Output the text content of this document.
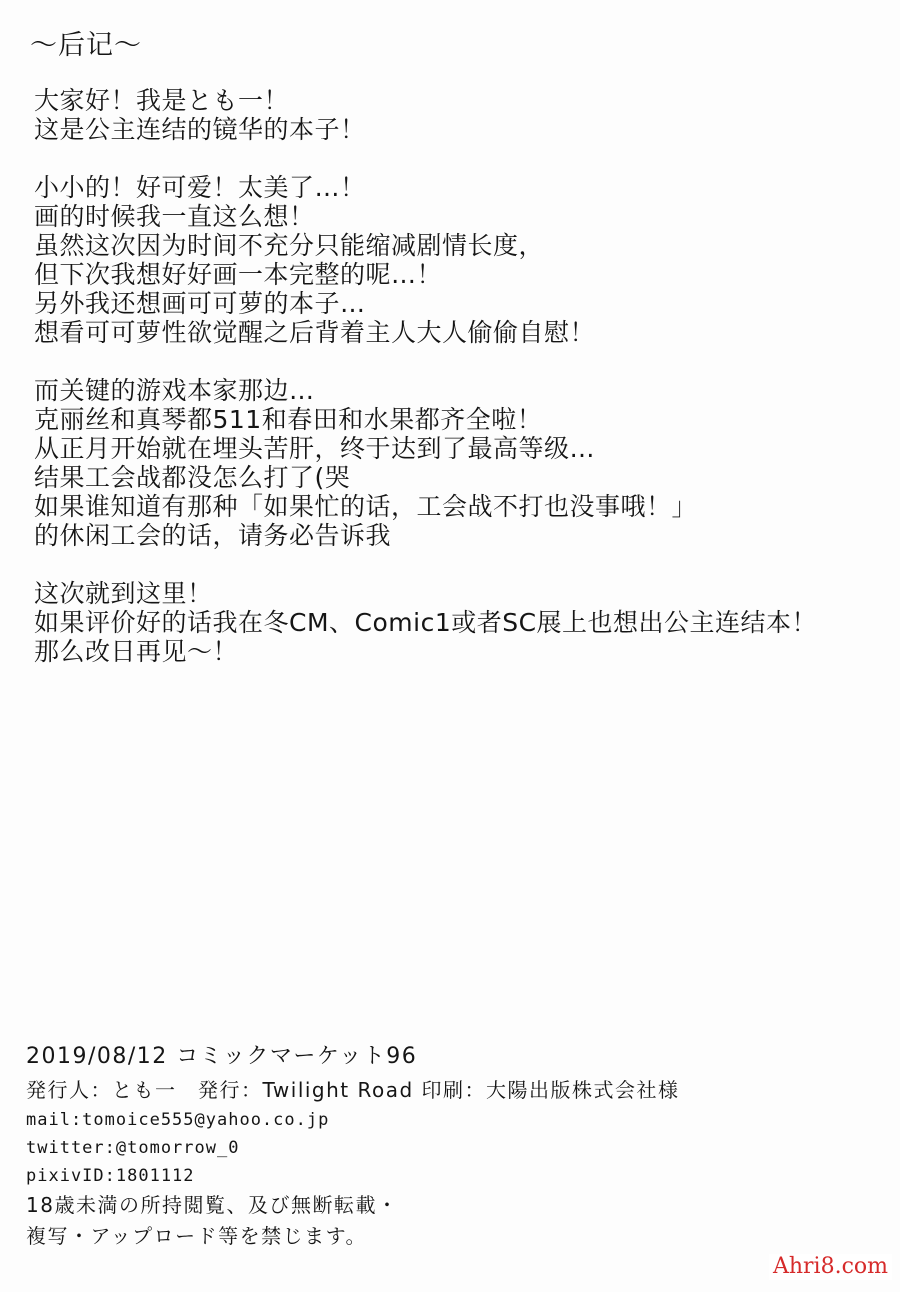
〜后记〜
大家好！我是とも一！
这是公主连结的镜华的本子！
小小的！好可爱！太美了…！
画的时候我一直这么想！
虽然这次因为时间不充分只能缩减剧情长度，
但下次我想好好画一本完整的呢…！
另外我还想画可可萝的本子…
想看可可萝性欲觉醒之后背着主人大人偷偷自慰！
而关键的游戏本家那边…
克丽丝和真琴都511和春田和水果都齐全啦！
从正月开始就在埋头苦肝，终于达到了最高等级…
结果工会战都没怎么打了(哭
如果谁知道有那种「如果忙的话，工会战不打也没事哦！」
的休闲工会的话，请务必告诉我
这次就到这里！
如果评价好的话我在冬CM、Comic1或者SC展上也想出公主连结本！
那么改日再见～！
2019/08/12 コミックマーケット96
発行人：とも一　発行：Twilight Road 印刷：大陽出版株式会社様
mail:tomoice555@yahoo.co.jp
twitter:@tomorrow_0
pixivID:1801112
18歳未満の所持閲覧、及び無断転載・
複写・アップロード等を禁じます。
Ahri8.com
